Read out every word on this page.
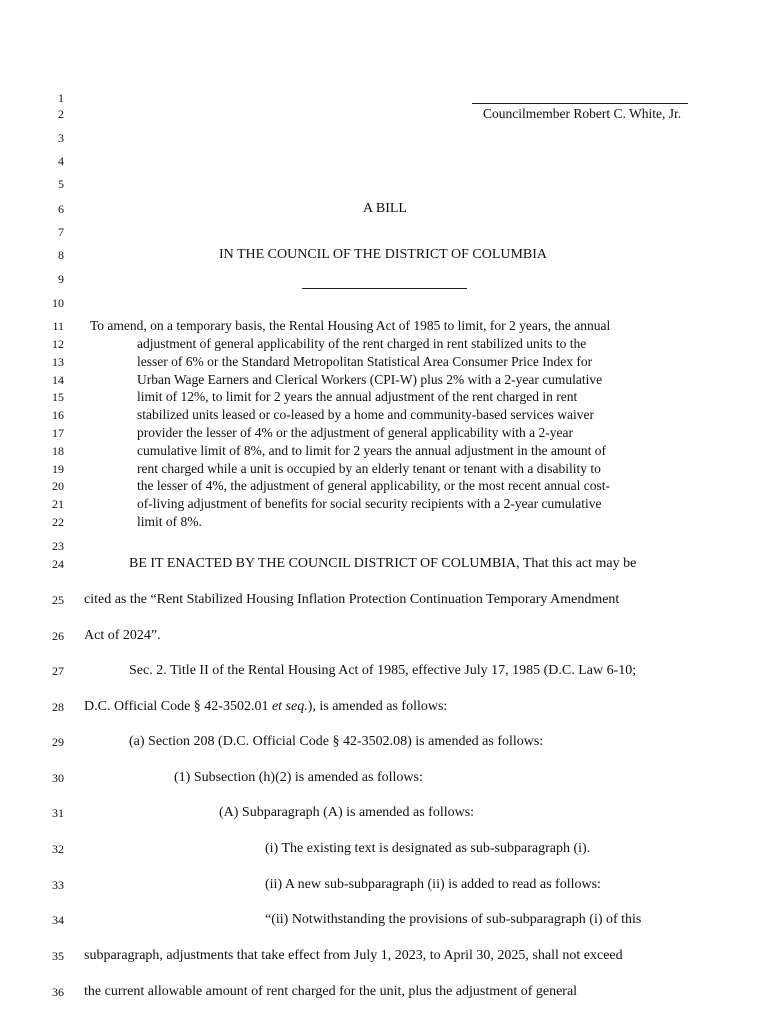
1
2
3
4
5
6
7
8
9
10
11
12
13
14
15
16
17
18
19
20
21
22
23
24
25
26
27
28
29
30
31
32
33
34
35
36
Councilmember Robert C. White, Jr.
A BILL
IN THE COUNCIL OF THE DISTRICT OF COLUMBIA
To amend, on a temporary basis, the Rental Housing Act of 1985 to limit, for 2 years, the annual
adjustment of general applicability of the rent charged in rent stabilized units to the
lesser of 6% or the Standard Metropolitan Statistical Area Consumer Price Index for
Urban Wage Earners and Clerical Workers (CPI-W) plus 2% with a 2-year cumulative
limit of 12%, to limit for 2 years the annual adjustment of the rent charged in rent
stabilized units leased or co-leased by a home and community-based services waiver
provider the lesser of 4% or the adjustment of general applicability with a 2-year
cumulative limit of 8%, and to limit for 2 years the annual adjustment in the amount of
rent charged while a unit is occupied by an elderly tenant or tenant with a disability to
the lesser of 4%, the adjustment of general applicability, or the most recent annual cost-
of-living adjustment of benefits for social security recipients with a 2-year cumulative
limit of 8%.
BE IT ENACTED BY THE COUNCIL DISTRICT OF COLUMBIA, That this act may be
cited as the “Rent Stabilized Housing Inflation Protection Continuation Temporary Amendment
Act of 2024”.
Sec. 2. Title II of the Rental Housing Act of 1985, effective July 17, 1985 (D.C. Law 6-10;
D.C. Official Code § 42-3502.01 et seq.), is amended as follows:
(a) Section 208 (D.C. Official Code § 42-3502.08) is amended as follows:
(1) Subsection (h)(2) is amended as follows:
(A) Subparagraph (A) is amended as follows:
(i) The existing text is designated as sub-subparagraph (i).
(ii) A new sub-subparagraph (ii) is added to read as follows:
“(ii) Notwithstanding the provisions of sub-subparagraph (i) of this
subparagraph, adjustments that take effect from July 1, 2023, to April 30, 2025, shall not exceed
the current allowable amount of rent charged for the unit, plus the adjustment of general
